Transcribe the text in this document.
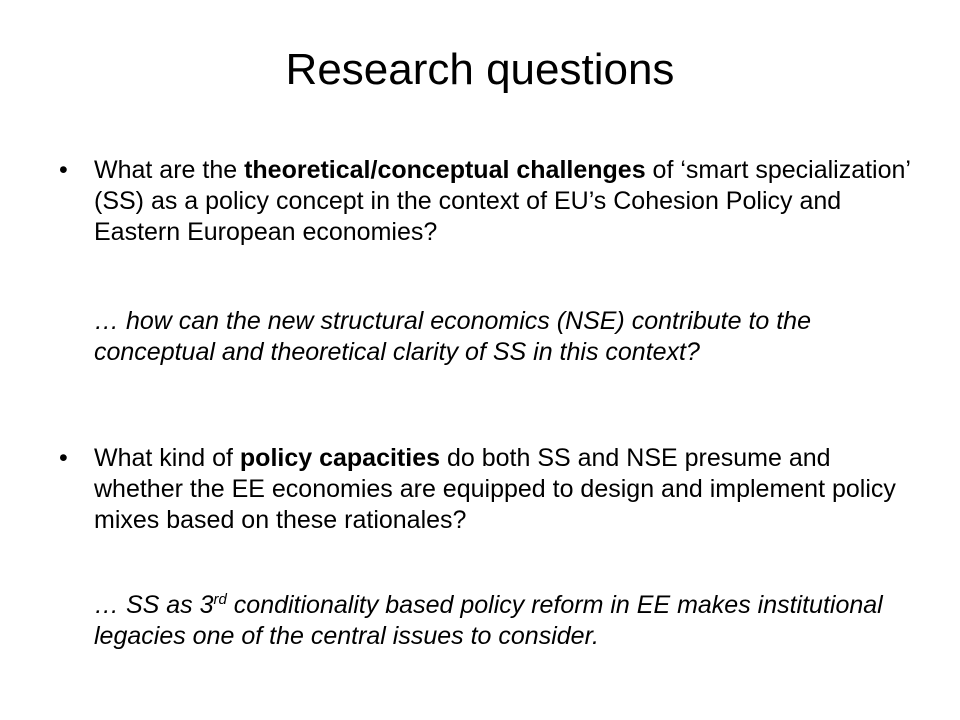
Research questions

• What are the theoretical/conceptual challenges of ‘smart specialization’ (SS) as a policy concept in the context of EU’s Cohesion Policy and Eastern European economies?

… how can the new structural economics (NSE) contribute to the conceptual and theoretical clarity of SS in this context?

• What kind of policy capacities do both SS and NSE presume and whether the EE economies are equipped to design and implement policy mixes based on these rationales?

… SS as 3rd conditionality based policy reform in EE makes institutional legacies one of the central issues to consider.
